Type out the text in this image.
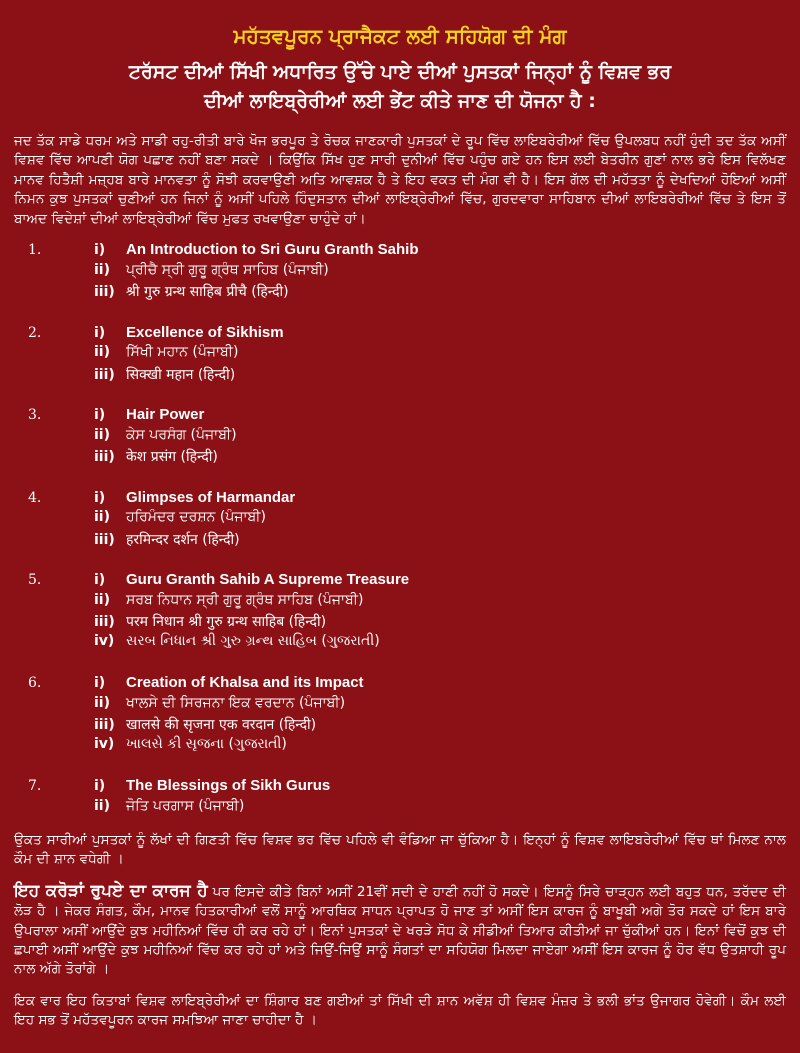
ਮਹੱਤਵਪੂਰਨ ਪ੍ਰਾਜੈਕਟ ਲਈ ਸਹਿਯੋਗ ਦੀ ਮੰਗ
ਟਰੱਸਟ ਦੀਆਂ ਸਿੱਖੀ ਅਧਾਰਿਤ ਉੱਚੇ ਪਾਏ ਦੀਆਂ ਪੁਸਤਕਾਂ ਜਿਨ੍ਹਾਂ ਨੂੰ ਵਿਸ਼ਵ ਭਰ
ਦੀਆਂ ਲਾਇਬ੍ਰੇਰੀਆਂ ਲਈ ਭੇਂਟ ਕੀਤੇ ਜਾਣ ਦੀ ਯੋਜਨਾ ਹੈ :

ਜਦ ਤੱਕ ਸਾਡੇ ਧਰਮ ਅਤੇ ਸਾਡੀ ਰਹੁ-ਰੀਤੀ ਬਾਰੇ ਖੋਜ ਭਰਪੂਰ ਤੇ ਰੋਚਕ ਜਾਣਕਾਰੀ ਪੁਸਤਕਾਂ ਦੇ ਰੂਪ ਵਿੱਚ ਲਾਇਬਰੇਰੀਆਂ ਵਿੱਚ ਉਪਲਬਧ ਨਹੀਂ ਹੁੰਦੀ ਤਦ ਤੱਕ ਅਸੀਂ ਵਿਸ਼ਵ ਵਿੱਚ ਆਪਣੀ ਯੋਗ ਪਛਾਣ ਨਹੀਂ ਬਣਾ ਸਕਦੇ । ਕਿਉਂਕਿ ਸਿੱਖ ਹੁਣ ਸਾਰੀ ਦੁਨੀਆਂ ਵਿੱਚ ਪਹੁੰਚ ਗਏ ਹਨ ਇਸ ਲਈ ਬੇਤਰੀਨ ਗੁਣਾਂ ਨਾਲ ਭਰੇ ਇਸ ਵਿਲੱਖਣ ਮਾਨਵ ਹਿਤੈਸ਼ੀ ਮਜ਼੍ਹਬ ਬਾਰੇ ਮਾਨਵਤਾ ਨੂੰ ਸੋਝੀ ਕਰਵਾਉਣੀ ਅਤਿ ਆਵਸ਼ਕ ਹੈ ਤੇ ਇਹ ਵਕਤ ਦੀ ਮੰਗ ਵੀ ਹੈ। ਇਸ ਗੱਲ ਦੀ ਮਹੱਤਤਾ ਨੂੰ ਦੇਖਦਿਆਂ ਹੋਇਆਂ ਅਸੀਂ ਨਿਮਨ ਕੁਝ ਪੁਸਤਕਾਂ ਚੁਣੀਆਂ ਹਨ ਜਿਨਾਂ ਨੂੰ ਅਸੀਂ ਪਹਿਲੇ ਹਿੰਦੁਸਤਾਨ ਦੀਆਂ ਲਾਇਬ੍ਰੇਰੀਆਂ ਵਿੱਚ, ਗੁਰਦਵਾਰਾ ਸਾਹਿਬਾਨ ਦੀਆਂ ਲਾਇਬਰੇਰੀਆਂ ਵਿੱਚ ਤੇ ਇਸ ਤੋਂ ਬਾਅਦ ਵਿਦੇਸ਼ਾਂ ਦੀਆਂ ਲਾਇਬ੍ਰੇਰੀਆਂ ਵਿੱਚ ਮੁਫਤ ਰਖਵਾਉਣਾ ਚਾਹੁੰਦੇ ਹਾਂ।

1.	i)	An Introduction to Sri Guru Granth Sahib
ii)	ਪ੍ਰੀਚੈ ਸ੍ਰੀ ਗੁਰੂ ਗ੍ਰੰਥ ਸਾਹਿਬ (ਪੰਜਾਬੀ)
iii) श्री गुरु ग्रन्थ साहिब प्रीचै (हिन्दी)
2.	i)	Excellence of Sikhism
ii)	ਸਿੱਖੀ ਮਹਾਨ (ਪੰਜਾਬੀ)
iii) सिक्खी महान (हिन्दी)
3.	i)	Hair Power
ii)	ਕੇਸ ਪਰਸੰਗ (ਪੰਜਾਬੀ)
iii) केश प्रसंग (हिन्दी)
4.	i)	Glimpses of Harmandar
ii)	ਹਰਿਮੰਦਰ ਦਰਸ਼ਨ (ਪੰਜਾਬੀ)
iii) हरमिन्दर दर्शन (हिन्दी)
5.	i)	Guru Granth Sahib A Supreme Treasure
ii)	ਸਰਬ ਨਿਧਾਨ ਸ੍ਰੀ ਗੁਰੂ ਗ੍ਰੰਥ ਸਾਹਿਬ (ਪੰਜਾਬੀ)
iii) परम निधान श्री गुरु ग्रन्थ साहिब (हिन्दी)
iv) સરબ નિધાન શ્રી ગુરુ ગ્રન્થ સાહિબ (ગુજરાતી)
6.	i)	Creation of Khalsa and its Impact
ii)	ਖਾਲਸੇ ਦੀ ਸਿਰਜਨਾ ਇਕ ਵਰਦਾਨ (ਪੰਜਾਬੀ)
iii) खालसे की सृजना एक वरदान (हिन्दी)
iv) ખાલસે કી સૃજના (ગુજરાતી)
7.	i)	The Blessings of Sikh Gurus
ii)	ਜੋਤਿ ਪਰਗਾਸ (ਪੰਜਾਬੀ)

ਉਕਤ ਸਾਰੀਆਂ ਪੁਸਤਕਾਂ ਨੂੰ ਲੱਖਾਂ ਦੀ ਗਿਣਤੀ ਵਿੱਚ ਵਿਸ਼ਵ ਭਰ ਵਿੱਚ ਪਹਿਲੇ ਵੀ ਵੰਡਿਆ ਜਾ ਚੁੱਕਿਆ ਹੈ। ਇਨ੍ਹਾਂ ਨੂੰ ਵਿਸ਼ਵ ਲਾਇਬਰੇਰੀਆਂ ਵਿੱਚ ਥਾਂ ਮਿਲਣ ਨਾਲ ਕੌਮ ਦੀ ਸ਼ਾਨ ਵਧੇਗੀ ।

ਇਹ ਕਰੋੜਾਂ ਰੁਪਏ ਦਾ ਕਾਰਜ ਹੈ ਪਰ ਇਸਦੇ ਕੀਤੇ ਬਿਨਾਂ ਅਸੀਂ 21ਵੀਂ ਸਦੀ ਦੇ ਹਾਣੀ ਨਹੀਂ ਹੋ ਸਕਦੇ। ਇਸਨੂੰ ਸਿਰੇ ਚਾੜ੍ਹਨ ਲਈ ਬਹੁਤ ਧਨ, ਤਰੱਦਦ ਦੀ ਲੋੜ ਹੈ । ਜੇਕਰ ਸੰਗਤ, ਕੌਮ, ਮਾਨਵ ਹਿਤਕਾਰੀਆਂ ਵਲੋਂ ਸਾਨੂੰ ਆਰਥਿਕ ਸਾਧਨ ਪ੍ਰਾਪਤ ਹੋ ਜਾਣ ਤਾਂ ਅਸੀਂ ਇਸ ਕਾਰਜ ਨੂੰ ਬਾਖੂਬੀ ਅਗੇ ਤੋਰ ਸਕਦੇ ਹਾਂ ਇਸ ਬਾਰੇ ਉਪਰਾਲਾ ਅਸੀਂ ਆਉਂਦੇ ਕੁਝ ਮਹੀਨਿਆਂ ਵਿੱਚ ਹੀ ਕਰ ਰਹੇ ਹਾਂ। ਇਨਾਂ ਪੁਸਤਕਾਂ ਦੇ ਖਰੜੇ ਸੋਧ ਕੇ ਸੀਡੀਆਂ ਤਿਆਰ ਕੀਤੀਆਂ ਜਾ ਚੁੱਕੀਆਂ ਹਨ। ਇਨਾਂ ਵਿਚੋਂ ਕੁਝ ਦੀ ਛਪਾਈ ਅਸੀਂ ਆਉਂਦੇ ਕੁਝ ਮਹੀਨਿਆਂ ਵਿੱਚ ਕਰ ਰਹੇ ਹਾਂ ਅਤੇ ਜਿਉਂ-ਜਿਉਂ ਸਾਨੂੰ ਸੰਗਤਾਂ ਦਾ ਸਹਿਯੋਗ ਮਿਲਦਾ ਜਾਏਗਾ ਅਸੀਂ ਇਸ ਕਾਰਜ ਨੂੰ ਹੋਰ ਵੱਧ ਉਤਸ਼ਾਹੀ ਰੂਪ ਨਾਲ ਅੱਗੇ ਤੋਰਾਂਗੇ ।

ਇਕ ਵਾਰ ਇਹ ਕਿਤਾਬਾਂ ਵਿਸ਼ਵ ਲਾਇਬ੍ਰੇਰੀਆਂ ਦਾ ਸ਼ਿੰਗਾਰ ਬਣ ਗਈਆਂ ਤਾਂ ਸਿੱਖੀ ਦੀ ਸ਼ਾਨ ਅਵੱਸ਼ ਹੀ ਵਿਸ਼ਵ ਮੰਜ਼ਰ ਤੇ ਭਲੀ ਭਾਂਤ ਉਜਾਗਰ ਹੋਵੇਗੀ। ਕੌਮ ਲਈ ਇਹ ਸਭ ਤੋਂ ਮਹੱਤਵਪੂਰਨ ਕਾਰਜ ਸਮਝਿਆ ਜਾਣਾ ਚਾਹੀਦਾ ਹੈ ।
